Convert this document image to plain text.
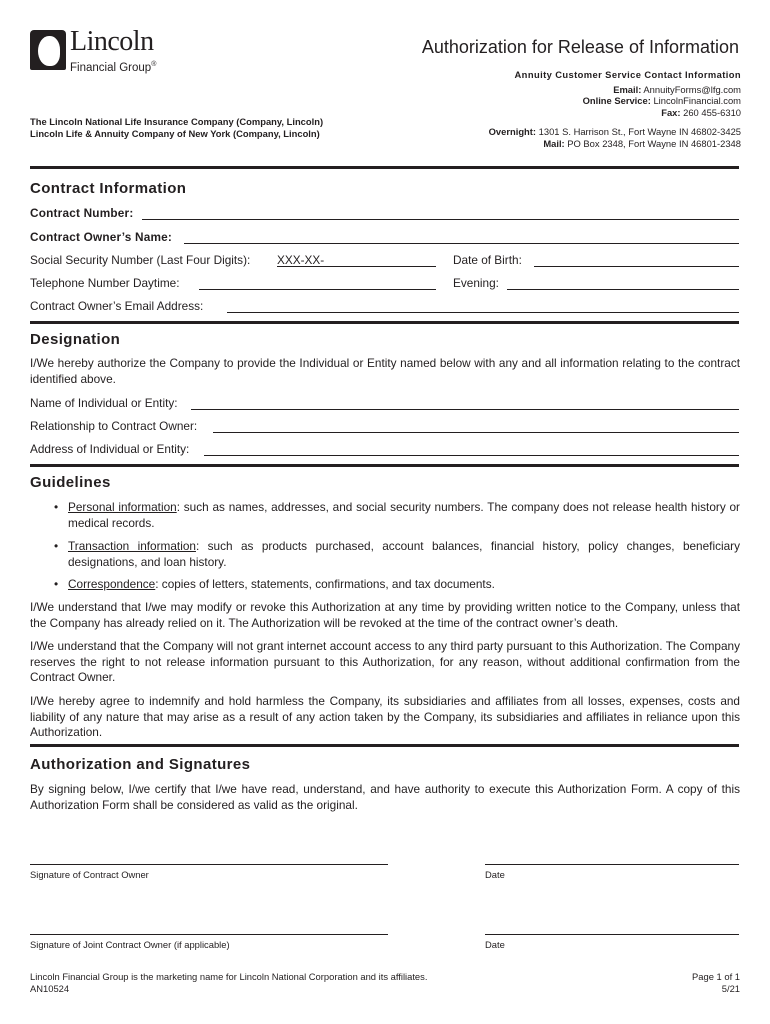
Lincoln
Financial Group®
Authorization for Release of Information
Annuity Customer Service Contact Information
Email: AnnuityForms@lfg.com
Online Service: LincolnFinancial.com
Fax: 260 455-6310
Overnight: 1301 S. Harrison St., Fort Wayne IN 46802-3425
Mail: PO Box 2348, Fort Wayne IN 46801-2348
The Lincoln National Life Insurance Company (Company, Lincoln)
Lincoln Life & Annuity Company of New York (Company, Lincoln)
Contract Information
Contract Number:
Contract Owner’s Name:
Social Security Number (Last Four Digits): XXX-XX-	Date of Birth:
Telephone Number Daytime:	Evening:
Contract Owner’s Email Address:
Designation
I/We hereby authorize the Company to provide the Individual or Entity named below with any and all information relating to the contract identified above.
Name of Individual or Entity:
Relationship to Contract Owner:
Address of Individual or Entity:
Guidelines
• Personal information: such as names, addresses, and social security numbers. The company does not release health history or medical records.
• Transaction information: such as products purchased, account balances, financial history, policy changes, beneficiary designations, and loan history.
• Correspondence: copies of letters, statements, confirmations, and tax documents.
I/We understand that I/we may modify or revoke this Authorization at any time by providing written notice to the Company, unless that the Company has already relied on it. The Authorization will be revoked at the time of the contract owner’s death.
I/We understand that the Company will not grant internet account access to any third party pursuant to this Authorization. The Company reserves the right to not release information pursuant to this Authorization, for any reason, without additional confirmation from the Contract Owner.
I/We hereby agree to indemnify and hold harmless the Company, its subsidiaries and affiliates from all losses, expenses, costs and liability of any nature that may arise as a result of any action taken by the Company, its subsidiaries and affiliates in reliance upon this Authorization.
Authorization and Signatures
By signing below, I/we certify that I/we have read, understand, and have authority to execute this Authorization Form. A copy of this Authorization Form shall be considered as valid as the original.
Signature of Contract Owner	Date
Signature of Joint Contract Owner (if applicable)	Date
Lincoln Financial Group is the marketing name for Lincoln National Corporation and its affiliates.
AN10524
Page 1 of 1
5/21
